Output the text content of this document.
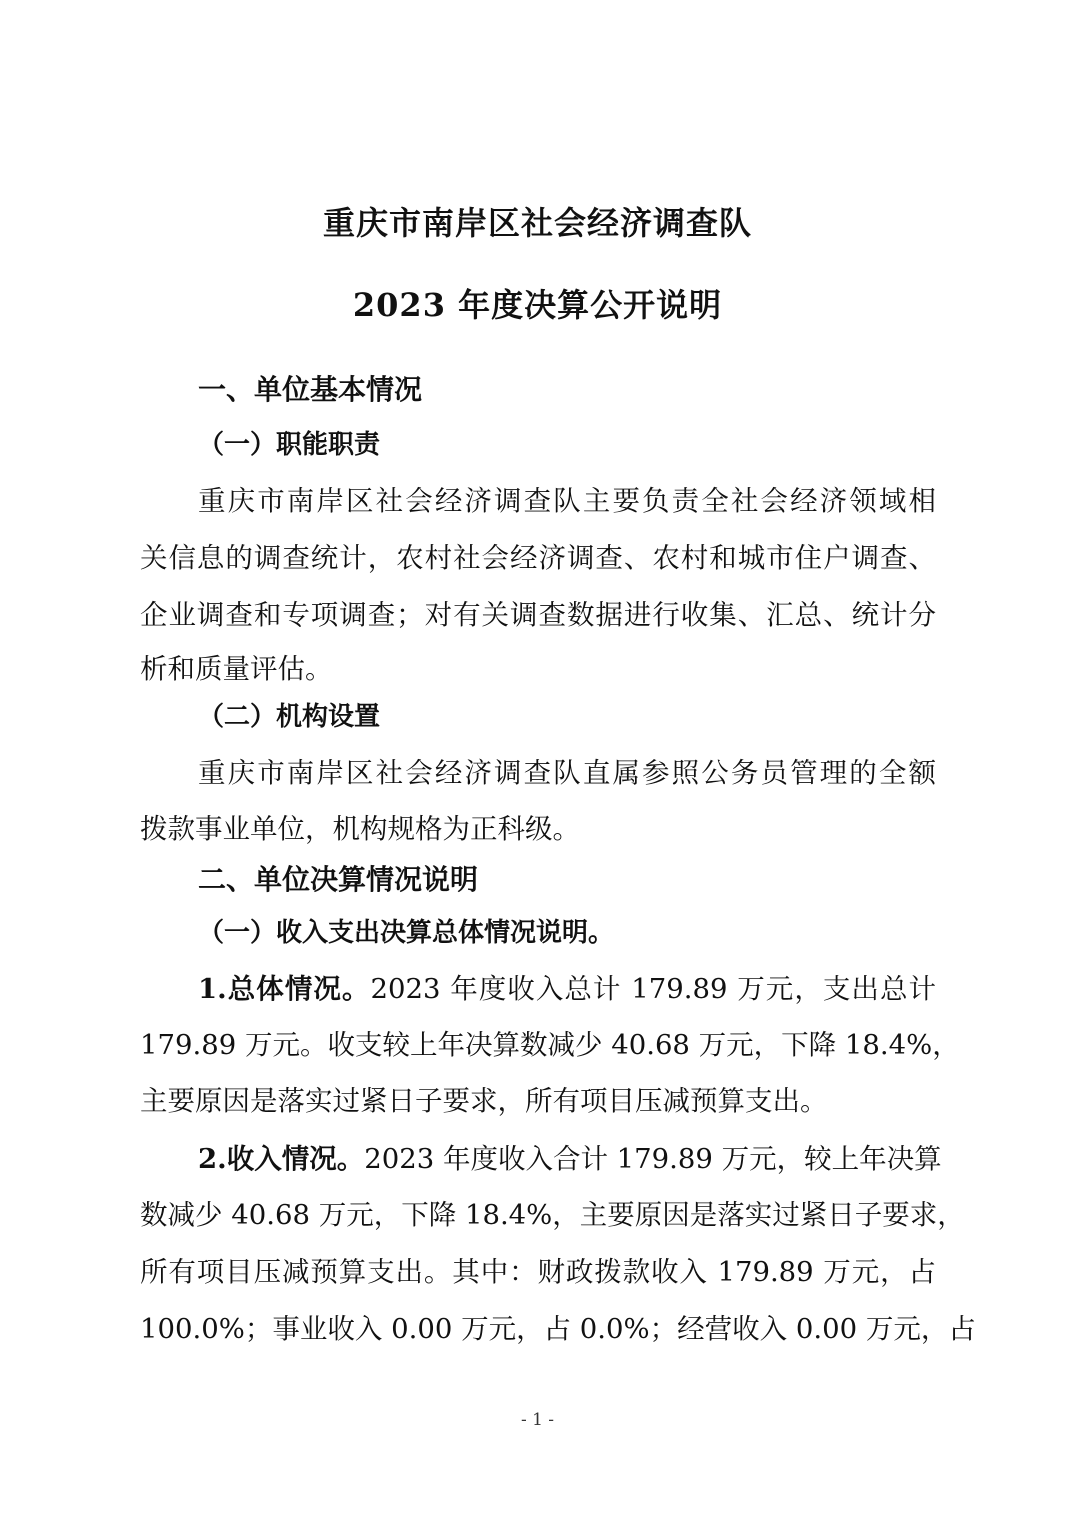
重庆市南岸区社会经济调查队
2023 年度决算公开说明
一、单位基本情况
（一）职能职责
重庆市南岸区社会经济调查队主要负责全社会经济领域相
关信息的调查统计，农村社会经济调查、农村和城市住户调查、
企业调查和专项调查；对有关调查数据进行收集、汇总、统计分
析和质量评估。
（二）机构设置
重庆市南岸区社会经济调查队直属参照公务员管理的全额
拨款事业单位，机构规格为正科级。
二、单位决算情况说明
（一）收入支出决算总体情况说明。
1.总体情况。2023 年度收入总计 179.89 万元，支出总计
179.89 万元。收支较上年决算数减少 40.68 万元，下降 18.4%，
主要原因是落实过紧日子要求，所有项目压减预算支出。
2.收入情况。2023 年度收入合计 179.89 万元，较上年决算
数减少 40.68 万元，下降 18.4%，主要原因是落实过紧日子要求，
所有项目压减预算支出。其中：财政拨款收入 179.89 万元，占
100.0%；事业收入 0.00 万元，占 0.0%；经营收入 0.00 万元，占
- 1 -
